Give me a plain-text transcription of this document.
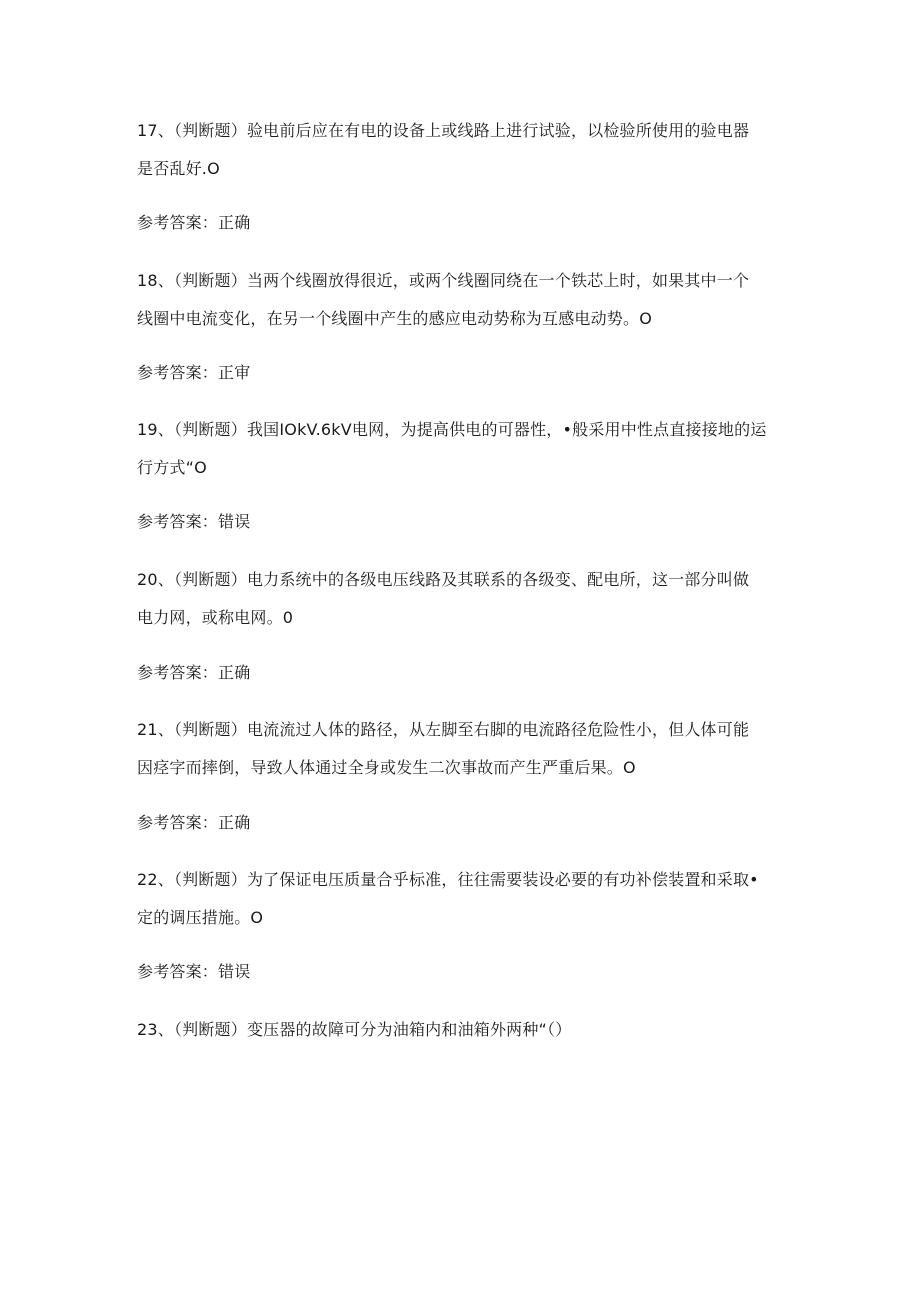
17、（判断题）验电前后应在有电的设备上或线路上进行试验，以检验所使用的验电器
是否乱好.O
参考答案：正确
18、（判断题）当两个线圈放得很近，或两个线圈同绕在一个铁芯上时，如果其中一个
线圈中电流变化，在另一个线圈中产生的感应电动势称为互感电动势。O
参考答案：正审
19、（判断题）我国IOkV.6kV电网，为提高供电的可器性，•般采用中性点直接接地的运
行方式“O
参考答案：错误
20、（判断题）电力系统中的各级电压线路及其联系的各级变、配电所，这一部分叫做
电力网，或称电网。0
参考答案：正确
21、（判断题）电流流过人体的路径，从左脚至右脚的电流路径危险性小，但人体可能
因痉字而摔倒，导致人体通过全身或发生二次事故而产生严重后果。O
参考答案：正确
22、（判断题）为了保证电压质量合乎标准，往往需要装设必要的有功补偿装置和采取•
定的调压措施。O
参考答案：错误
23、（判断题）变压器的故障可分为油箱内和油箱外两种“（）
